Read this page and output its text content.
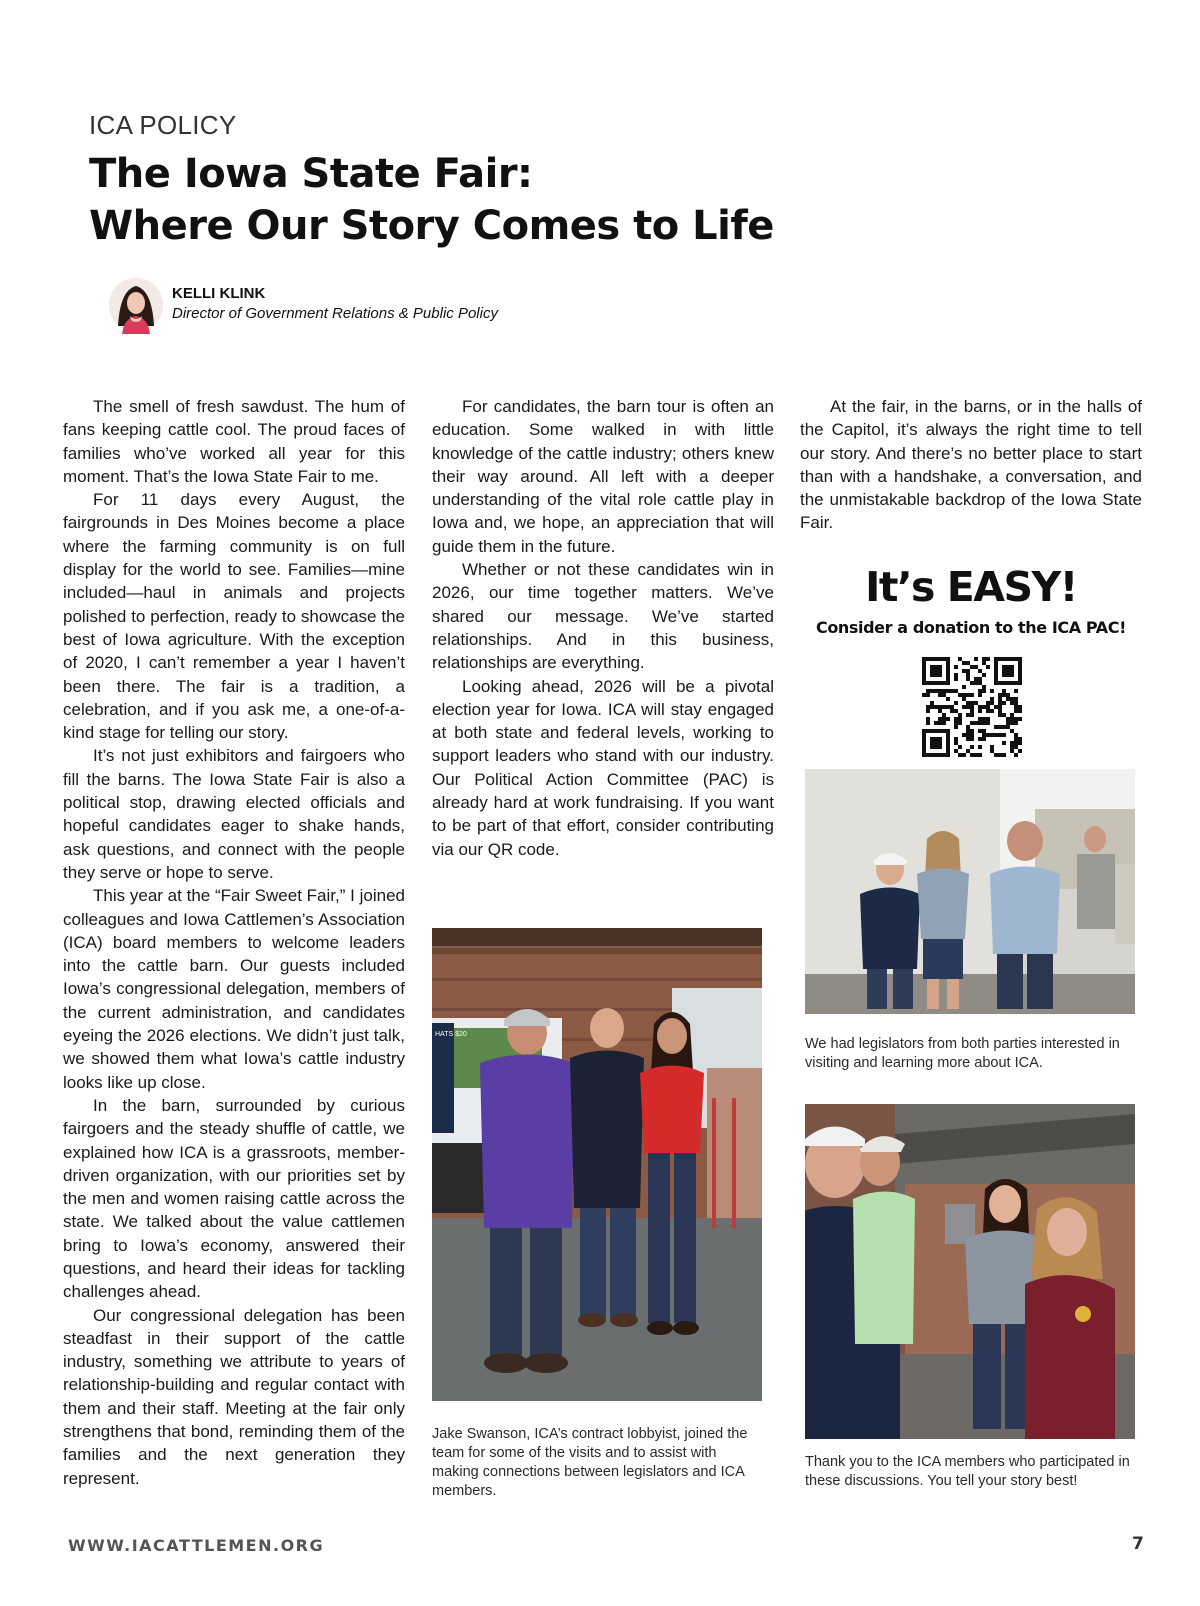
ICA POLICY
The Iowa State Fair:
Where Our Story Comes to Life
KELLI KLINK
Director of Government Relations & Public Policy

The smell of fresh sawdust. The hum of fans keeping cattle cool. The proud faces of families who’ve worked all year for this moment. That’s the Iowa State Fair to me.

For 11 days every August, the fairgrounds in Des Moines become a place where the farming community is on full display for the world to see. Families—mine included—haul in animals and projects polished to perfection, ready to showcase the best of Iowa agriculture. With the exception of 2020, I can’t remember a year I haven’t been there. The fair is a tradition, a celebration, and if you ask me, a one-of-a-kind stage for telling our story.

It’s not just exhibitors and fairgoers who fill the barns. The Iowa State Fair is also a political stop, drawing elected officials and hopeful candidates eager to shake hands, ask questions, and connect with the people they serve or hope to serve.

This year at the “Fair Sweet Fair,” I joined colleagues and Iowa Cattlemen’s Association (ICA) board members to welcome leaders into the cattle barn. Our guests included Iowa’s congressional delegation, members of the current administration, and candidates eyeing the 2026 elections. We didn’t just talk, we showed them what Iowa’s cattle industry looks like up close.

In the barn, surrounded by curious fairgoers and the steady shuffle of cattle, we explained how ICA is a grassroots, member-driven organization, with our priorities set by the men and women raising cattle across the state. We talked about the value cattlemen bring to Iowa’s economy, answered their questions, and heard their ideas for tackling challenges ahead.

Our congressional delegation has been steadfast in their support of the cattle industry, something we attribute to years of relationship-building and regular contact with them and their staff. Meeting at the fair only strengthens that bond, reminding them of the families and the next generation they represent.

For candidates, the barn tour is often an education. Some walked in with little knowledge of the cattle industry; others knew their way around. All left with a deeper understanding of the vital role cattle play in Iowa and, we hope, an appreciation that will guide them in the future.

Whether or not these candidates win in 2026, our time together matters. We’ve shared our message. We’ve started relationships. And in this business, relationships are everything.

Looking ahead, 2026 will be a pivotal election year for Iowa. ICA will stay engaged at both state and federal levels, working to support leaders who stand with our industry. Our Political Action Committee (PAC) is already hard at work fundraising. If you want to be part of that effort, consider contributing via our QR code.

At the fair, in the barns, or in the halls of the Capitol, it’s always the right time to tell our story. And there’s no better place to start than with a handshake, a conversation, and the unmistakable backdrop of the Iowa State Fair.

It’s EASY!
Consider a donation to the ICA PAC!
HATS $20
Jake Swanson, ICA’s contract lobbyist, joined the team for some of the visits and to assist with making connections between legislators and ICA members.
We had legislators from both parties interested in visiting and learning more about ICA.
Thank you to the ICA members who participated in these discussions. You tell your story best!
WWW.IACATTLEMEN.ORG	7
